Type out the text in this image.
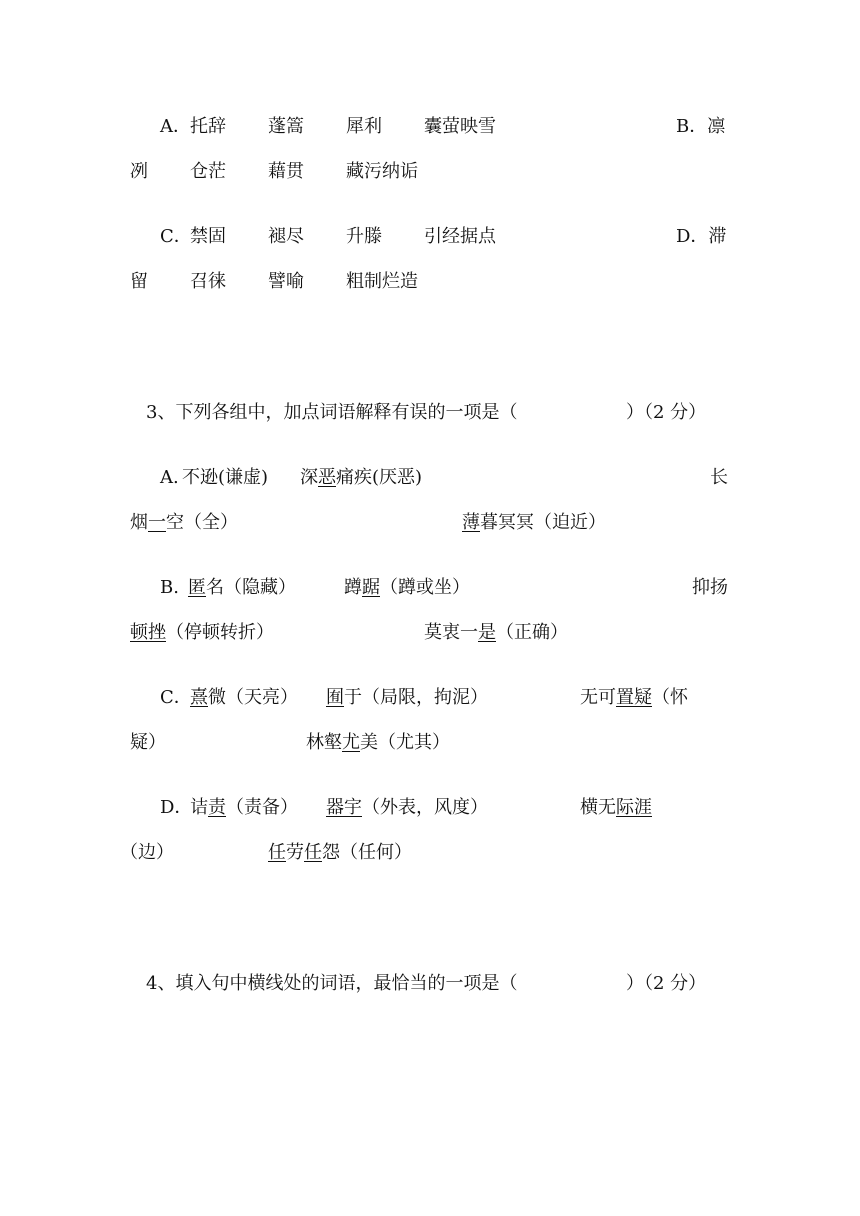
A． 托辞 蓬篙 犀利 囊萤映雪	B．凛
冽 仓茫 藉贯 藏污纳诟
C．
禁固 褪尽 升滕 引经据点	D．滞
留 召徕 譬喻 粗制烂造
3、下列各组中，加点词语解释有误的一项是（	）（2 分）
A. 不逊(谦虚) 深恶痛疾(厌恶)	长
烟一空（全）	薄暮冥冥（迫近）
B. 匿名（隐藏）	蹲踞（蹲或坐）	抑扬
顿挫（停顿转折）	莫衷一是（正确）
C．
熹微（天亮） 囿于（局限，拘泥）	无可置疑（怀
疑）	林壑尤美（尤其）
D．
诘责（责备） 器宇（外表，风度）	横无际涯
（边）	任劳任怨（任何）
4、填入句中横线处的词语，最恰当的一项是（	）（2 分）
